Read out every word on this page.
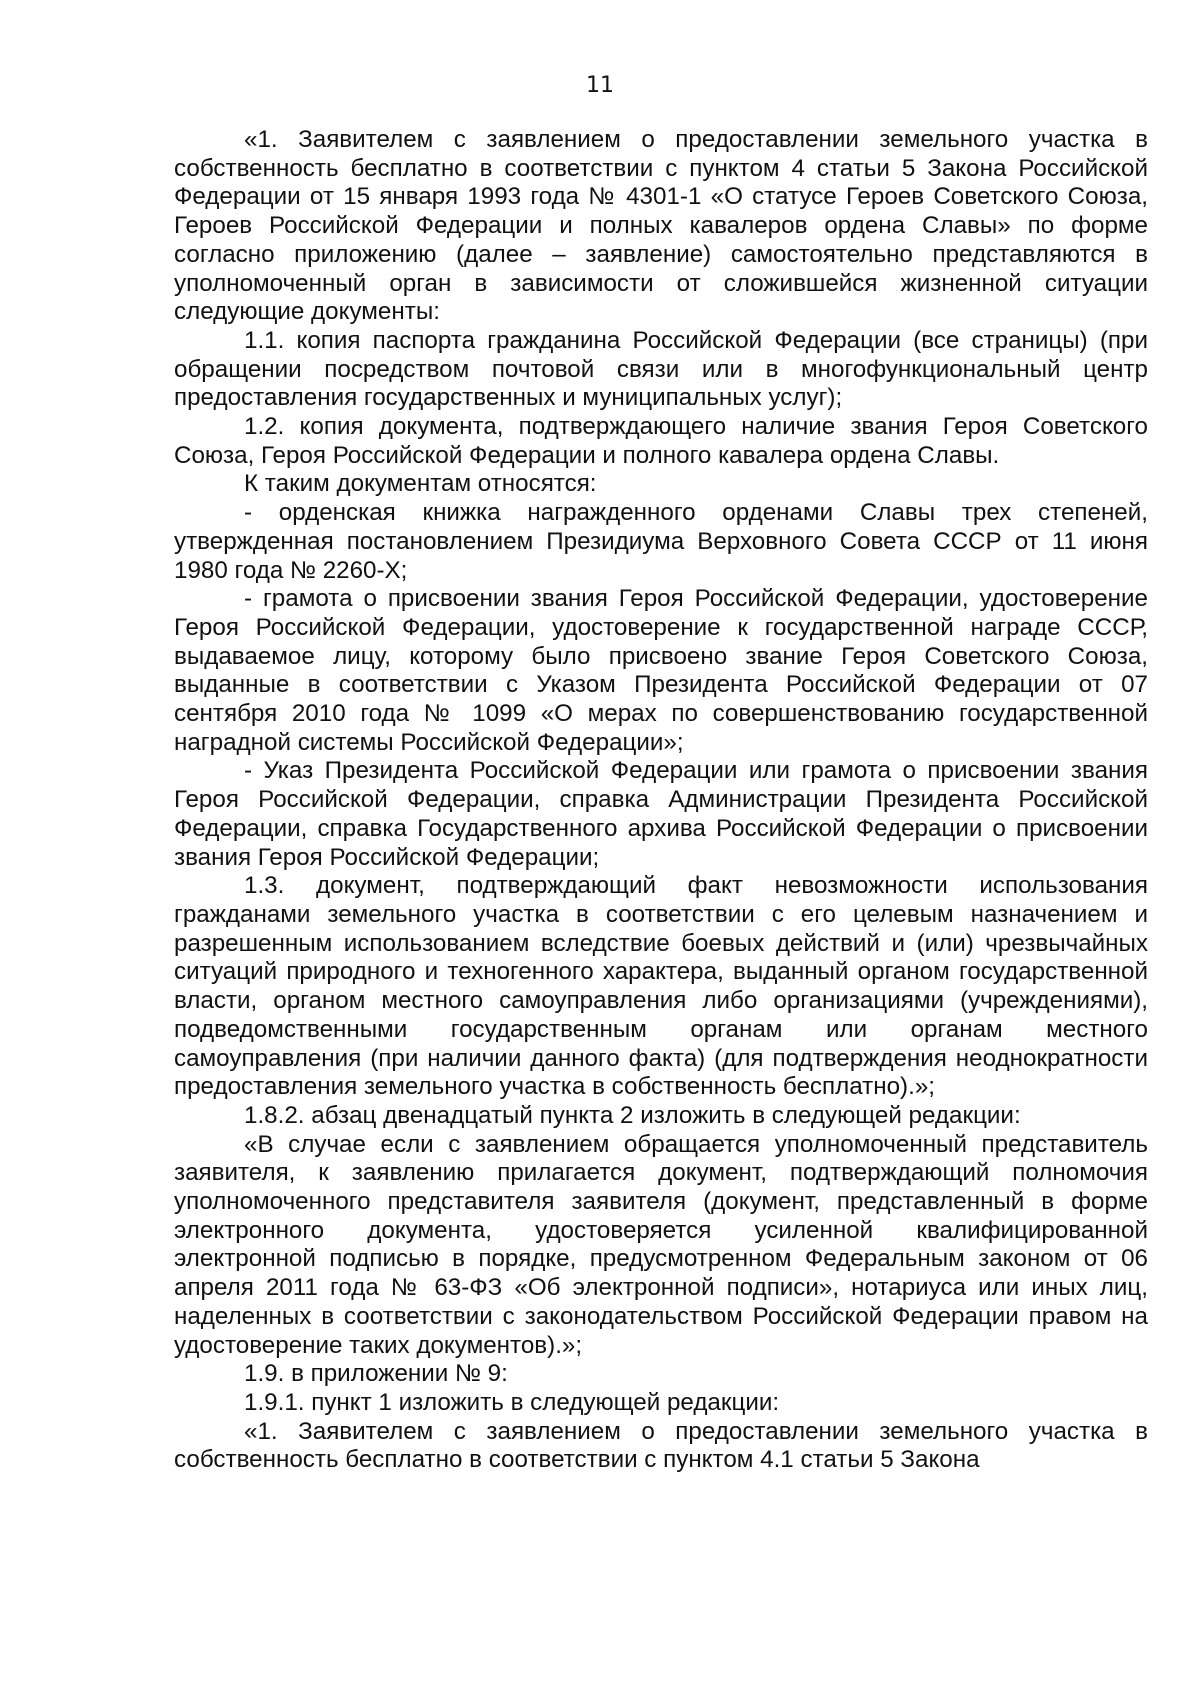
11

«1. Заявителем с заявлением о предоставлении земельного участка в собственность бесплатно в соответствии с пунктом 4 статьи 5 Закона Российской Федерации от 15 января 1993 года № 4301-1 «О статусе Героев Советского Союза, Героев Российской Федерации и полных кавалеров ордена Славы» по форме согласно приложению (далее – заявление) самостоятельно представляются в уполномоченный орган в зависимости от сложившейся жизненной ситуации следующие документы:

1.1. копия паспорта гражданина Российской Федерации (все страницы) (при обращении посредством почтовой связи или в многофункциональный центр предоставления государственных и муниципальных услуг);

1.2. копия документа, подтверждающего наличие звания Героя Советского Союза, Героя Российской Федерации и полного кавалера ордена Славы.

К таким документам относятся:

- орденская книжка награжденного орденами Славы трех степеней, утвержденная постановлением Президиума Верховного Совета СССР от 11 июня 1980 года № 2260-X;

- грамота о присвоении звания Героя Российской Федерации, удостоверение Героя Российской Федерации, удостоверение к государственной награде СССР, выдаваемое лицу, которому было присвоено звание Героя Советского Союза, выданные в соответствии с Указом Президента Российской Федерации от 07 сентября 2010 года № 1099 «О мерах по совершенствованию государственной наградной системы Российской Федерации»;

- Указ Президента Российской Федерации или грамота о присвоении звания Героя Российской Федерации, справка Администрации Президента Российской Федерации, справка Государственного архива Российской Федерации о присвоении звания Героя Российской Федерации;

1.3. документ, подтверждающий факт невозможности использования гражданами земельного участка в соответствии с его целевым назначением и разрешенным использованием вследствие боевых действий и (или) чрезвычайных ситуаций природного и техногенного характера, выданный органом государственной власти, органом местного самоуправления либо организациями (учреждениями), подведомственными государственным органам или органам местного самоуправления (при наличии данного факта) (для подтверждения неоднократности предоставления земельного участка в собственность бесплатно).»;

1.8.2. абзац двенадцатый пункта 2 изложить в следующей редакции:

«В случае если с заявлением обращается уполномоченный представитель заявителя, к заявлению прилагается документ, подтверждающий полномочия уполномоченного представителя заявителя (документ, представленный в форме электронного документа, удостоверяется усиленной квалифицированной электронной подписью в порядке, предусмотренном Федеральным законом от 06 апреля 2011 года № 63-ФЗ «Об электронной подписи», нотариуса или иных лиц, наделенных в соответствии с законодательством Российской Федерации правом на удостоверение таких документов).»;

1.9. в приложении № 9:

1.9.1. пункт 1 изложить в следующей редакции:

«1. Заявителем с заявлением о предоставлении земельного участка в собственность бесплатно в соответствии с пунктом 4.1 статьи 5 Закона
